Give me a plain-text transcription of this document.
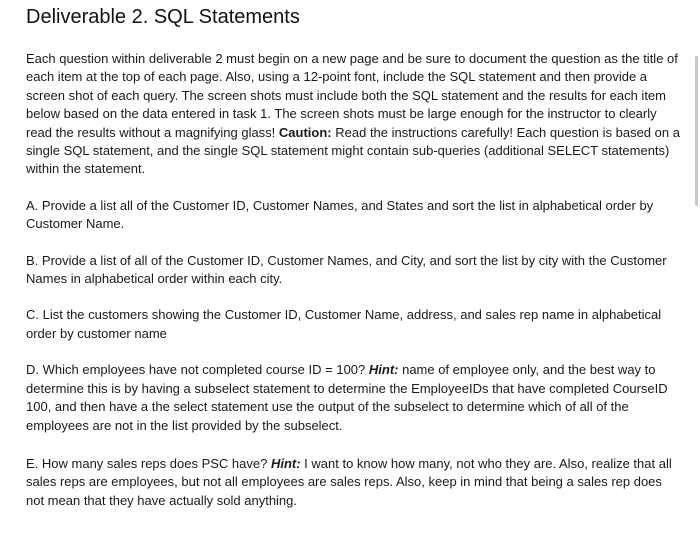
Deliverable 2. SQL Statements

Each question within deliverable 2 must begin on a new page and be sure to document the question as the title of each item at the top of each page. Also, using a 12-point font, include the SQL statement and then provide a screen shot of each query. The screen shots must include both the SQL statement and the results for each item below based on the data entered in task 1. The screen shots must be large enough for the instructor to clearly read the results without a magnifying glass! Caution: Read the instructions carefully! Each question is based on a single SQL statement, and the single SQL statement might contain sub-queries (additional SELECT statements) within the statement.

A. Provide a list all of the Customer ID, Customer Names, and States and sort the list in alphabetical order by Customer Name.

B. Provide a list of all of the Customer ID, Customer Names, and City, and sort the list by city with the Customer Names in alphabetical order within each city.

C. List the customers showing the Customer ID, Customer Name, address, and sales rep name in alphabetical order by customer name

D. Which employees have not completed course ID = 100? Hint: name of employee only, and the best way to determine this is by having a subselect statement to determine the EmployeeIDs that have completed CourseID 100, and then have a the select statement use the output of the subselect to determine which of all of the employees are not in the list provided by the subselect.

E. How many sales reps does PSC have? Hint: I want to know how many, not who they are. Also, realize that all sales reps are employees, but not all employees are sales reps. Also, keep in mind that being a sales rep does not mean that they have actually sold anything.
